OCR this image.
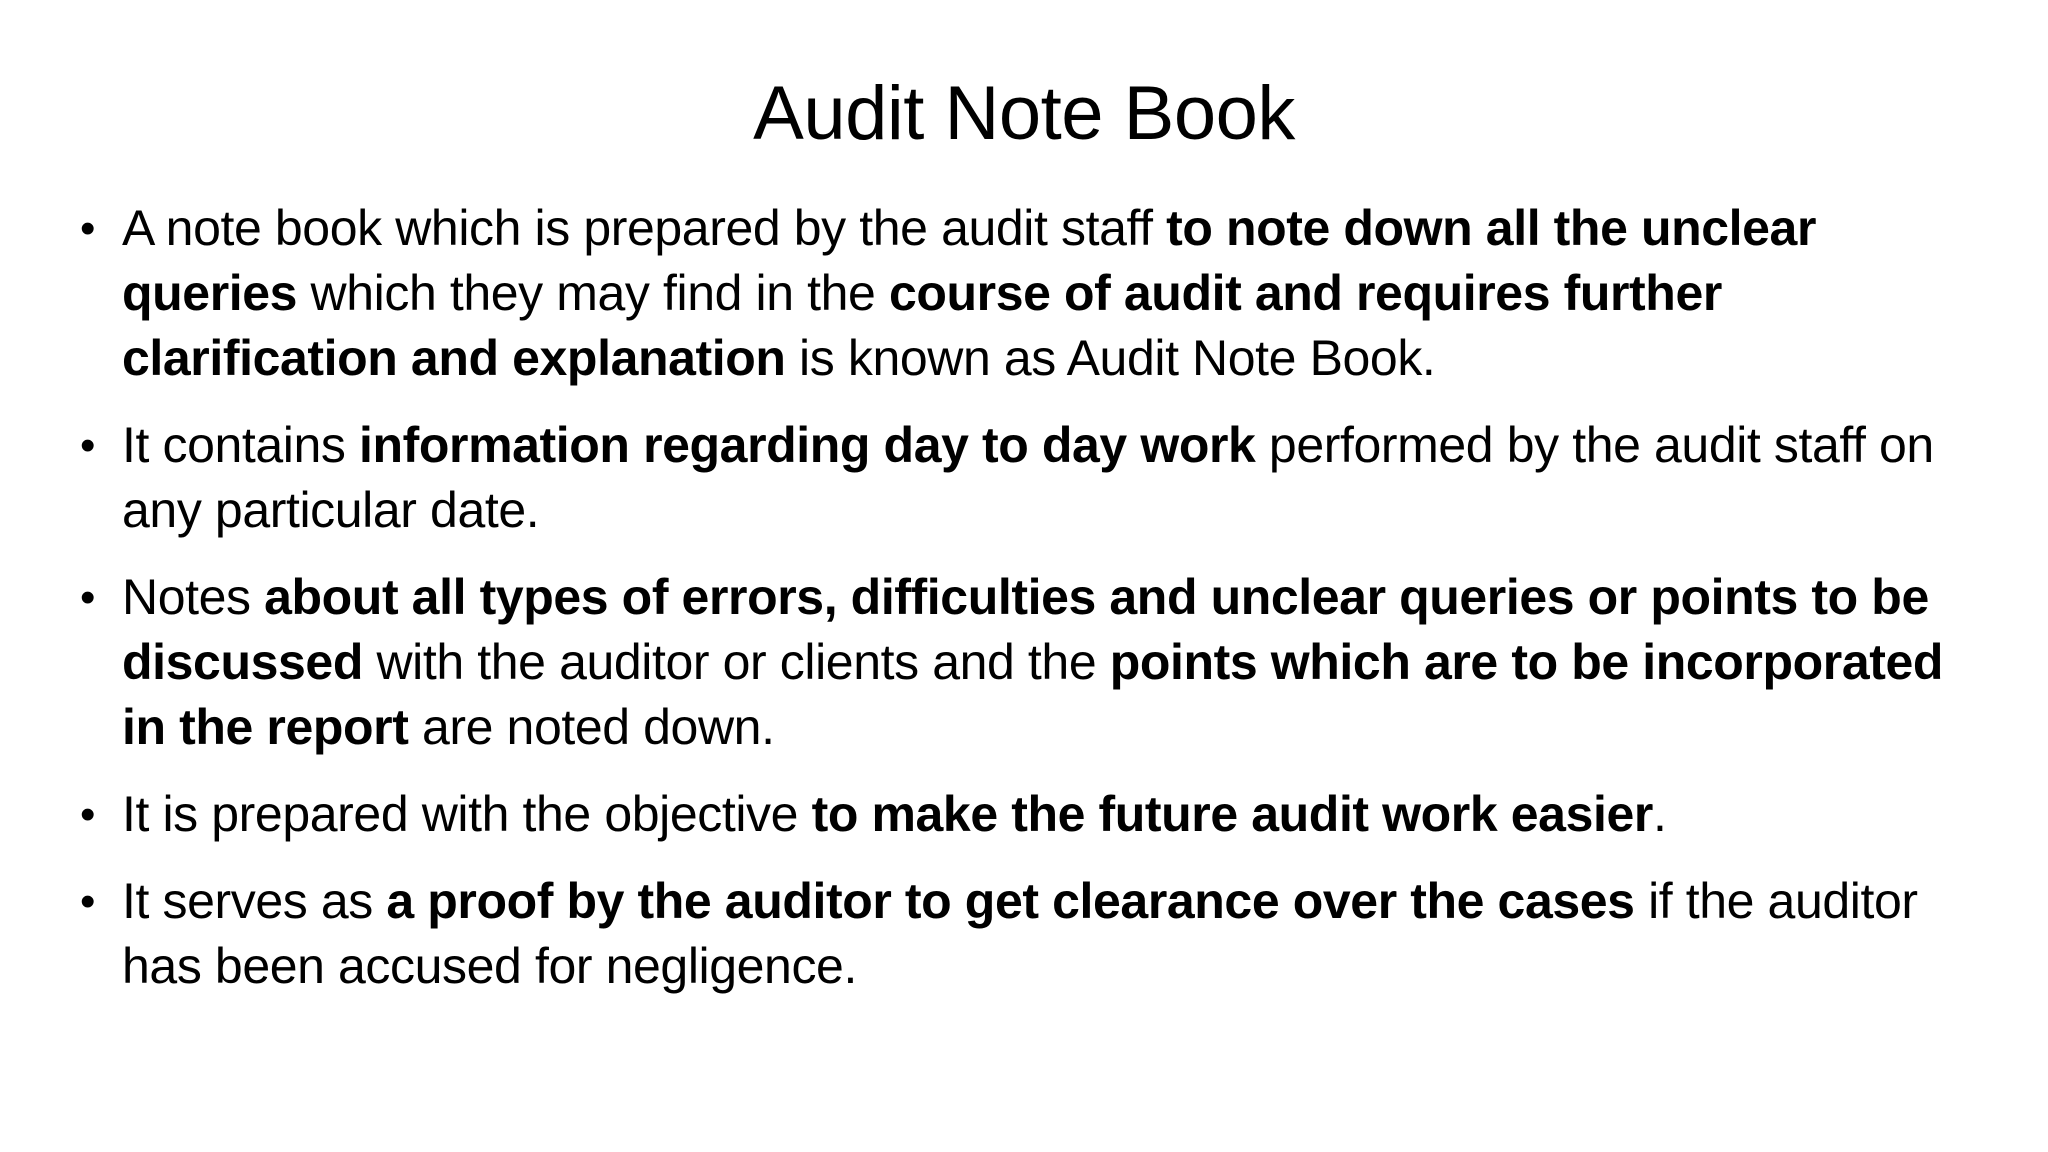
Audit Note Book
• A note book which is prepared by the audit staff to note down all the unclear queries which they may find in the course of audit and requires further clarification and explanation is known as Audit Note Book.
• It contains information regarding day to day work performed by the audit staff on any particular date.
• Notes about all types of errors, difficulties and unclear queries or points to be discussed with the auditor or clients and the points which are to be incorporated in the report are noted down.
• It is prepared with the objective to make the future audit work easier.
• It serves as a proof by the auditor to get clearance over the cases if the auditor has been accused for negligence.
